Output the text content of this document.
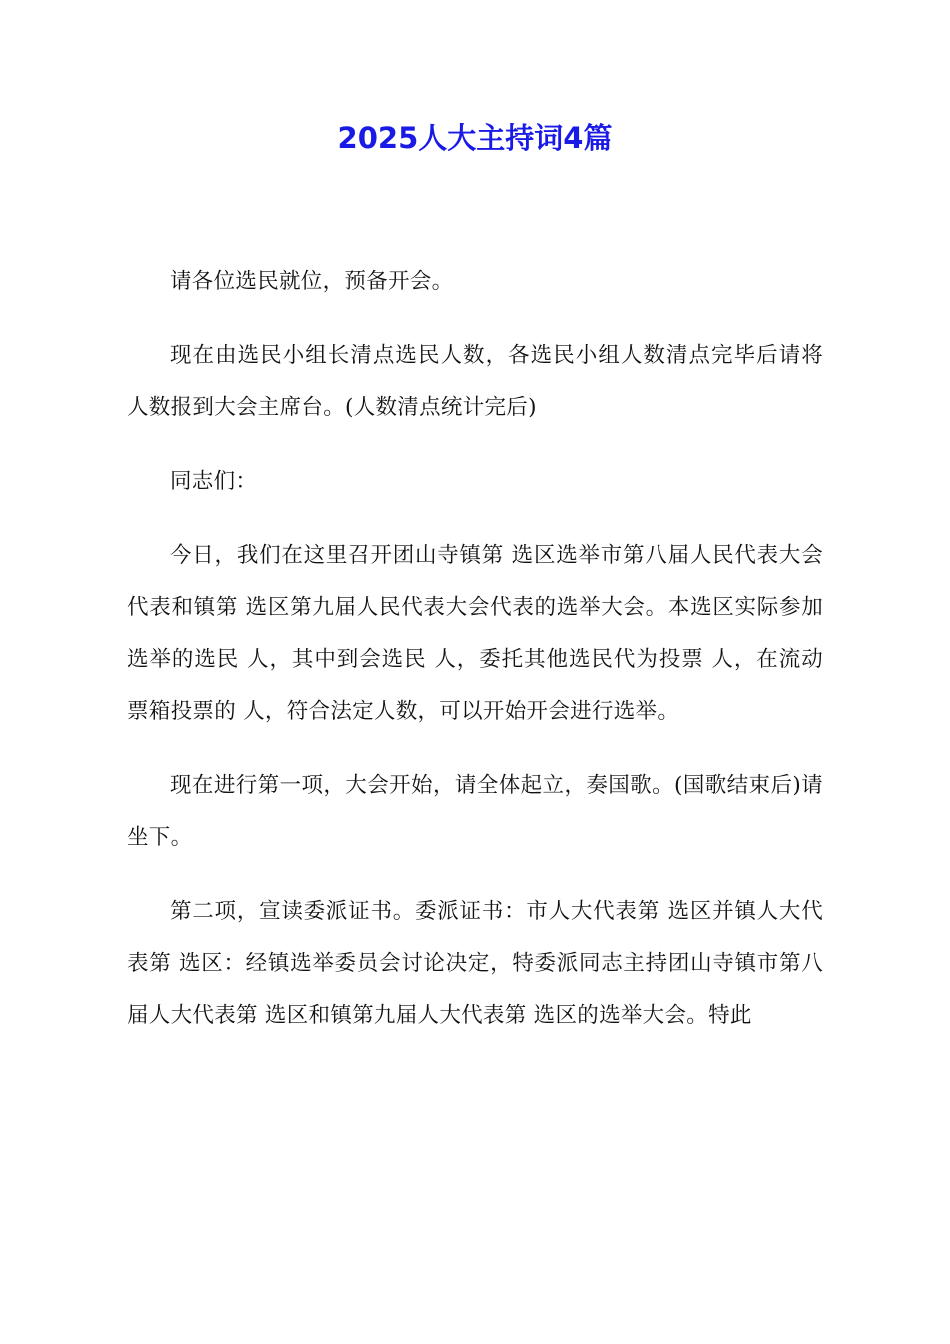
2025人大主持词4篇

请各位选民就位，预备开会。

现在由选民小组长清点选民人数，各选民小组人数清点完毕后请将人数报到大会主席台。(人数清点统计完后)

同志们：

今日，我们在这里召开团山寺镇第 选区选举市第八届人民代表大会代表和镇第 选区第九届人民代表大会代表的选举大会。本选区实际参加选举的选民 人，其中到会选民 人，委托其他选民代为投票 人，在流动票箱投票的 人，符合法定人数，可以开始开会进行选举。

现在进行第一项，大会开始，请全体起立，奏国歌。(国歌结束后)请坐下。

第二项，宣读委派证书。委派证书：市人大代表第 选区并镇人大代表第 选区：经镇选举委员会讨论决定，特委派同志主持团山寺镇市第八届人大代表第 选区和镇第九届人大代表第 选区的选举大会。特此
